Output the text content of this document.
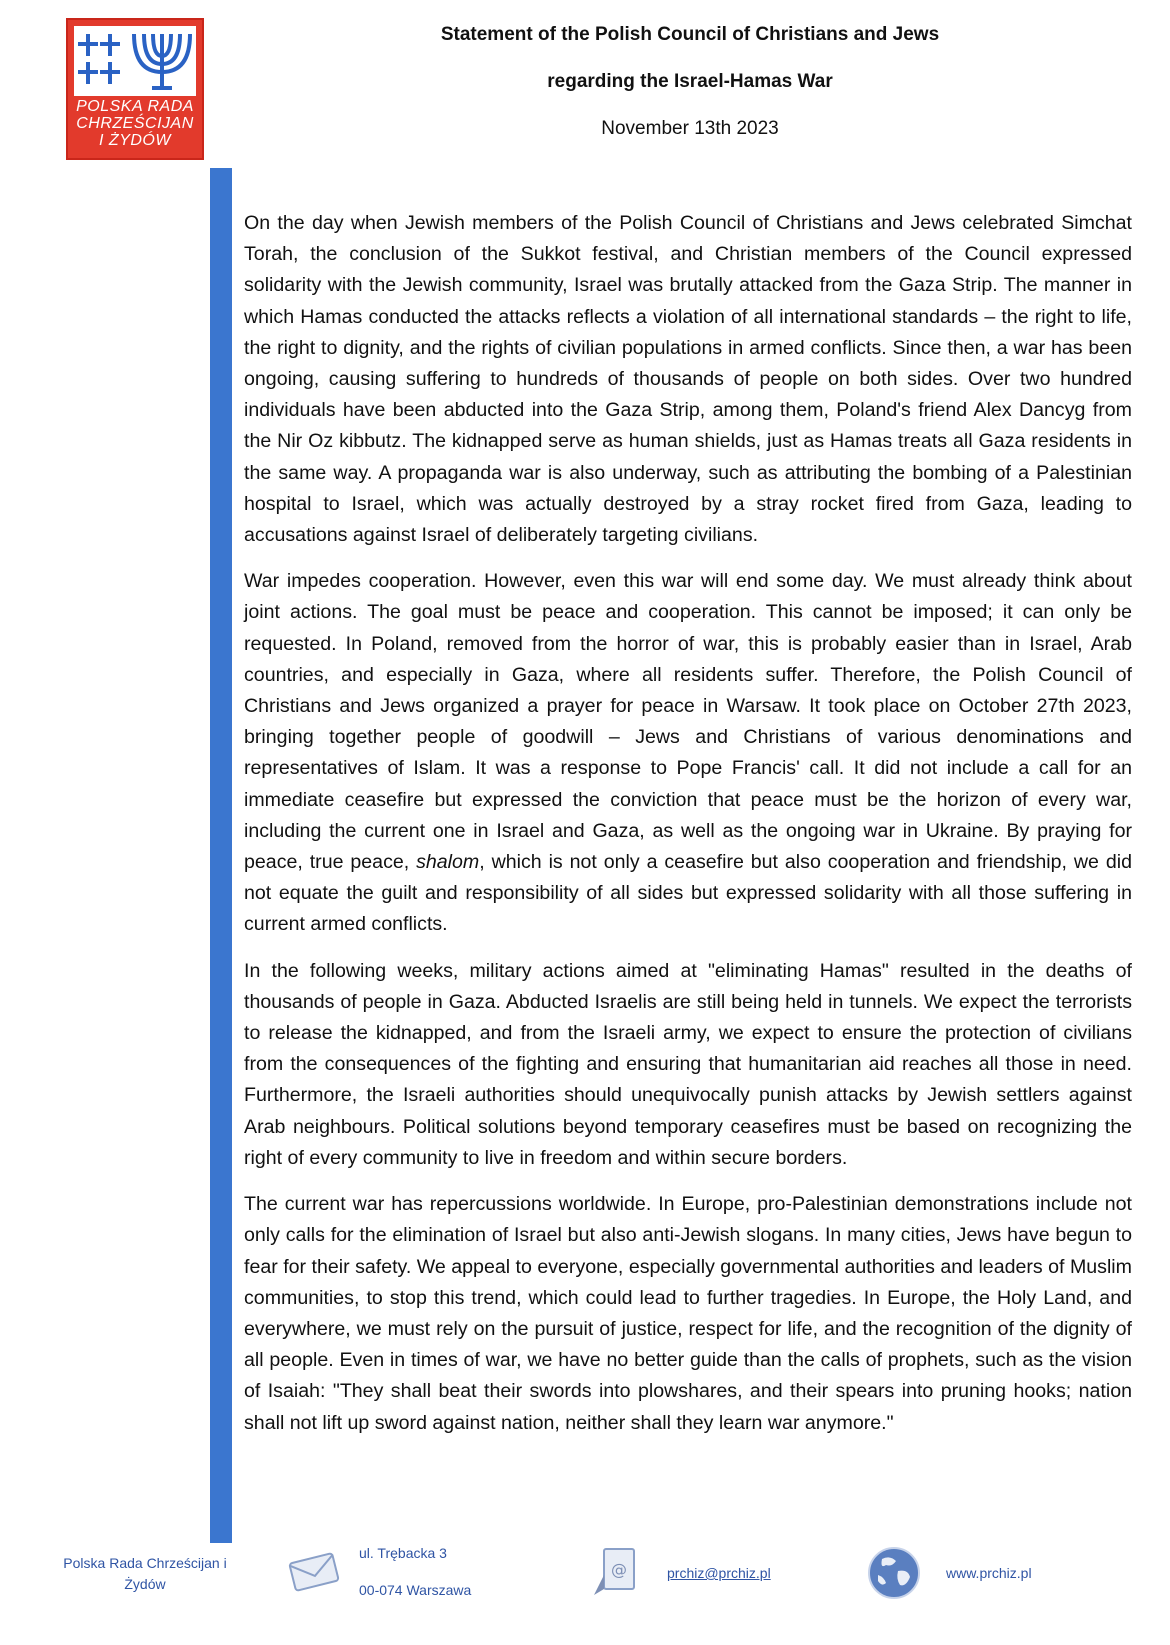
POLSKA RADA
CHRZEŚCIJAN
I ŻYDÓW
Statement of the Polish Council of Christians and Jews
regarding the Israel-Hamas War
November 13th 2023

On the day when Jewish members of the Polish Council of Christians and Jews celebrated Simchat Torah, the conclusion of the Sukkot festival, and Christian members of the Council expressed solidarity with the Jewish community, Israel was brutally attacked from the Gaza Strip. The manner in which Hamas conducted the attacks reflects a violation of all international standards – the right to life, the right to dignity, and the rights of civilian populations in armed conflicts. Since then, a war has been ongoing, causing suffering to hundreds of thousands of people on both sides. Over two hundred individuals have been abducted into the Gaza Strip, among them, Poland's friend Alex Dancyg from the Nir Oz kibbutz. The kidnapped serve as human shields, just as Hamas treats all Gaza residents in the same way. A propaganda war is also underway, such as attributing the bombing of a Palestinian hospital to Israel, which was actually destroyed by a stray rocket fired from Gaza, leading to accusations against Israel of deliberately targeting civilians.

War impedes cooperation. However, even this war will end some day. We must already think about joint actions. The goal must be peace and cooperation. This cannot be imposed; it can only be requested. In Poland, removed from the horror of war, this is probably easier than in Israel, Arab countries, and especially in Gaza, where all residents suffer. Therefore, the Polish Council of Christians and Jews organized a prayer for peace in Warsaw. It took place on October 27th 2023, bringing together people of goodwill – Jews and Christians of various denominations and representatives of Islam. It was a response to Pope Francis' call. It did not include a call for an immediate ceasefire but expressed the conviction that peace must be the horizon of every war, including the current one in Israel and Gaza, as well as the ongoing war in Ukraine. By praying for peace, true peace, shalom, which is not only a ceasefire but also cooperation and friendship, we did not equate the guilt and responsibility of all sides but expressed solidarity with all those suffering in current armed conflicts.

In the following weeks, military actions aimed at "eliminating Hamas" resulted in the deaths of thousands of people in Gaza. Abducted Israelis are still being held in tunnels. We expect the terrorists to release the kidnapped, and from the Israeli army, we expect to ensure the protection of civilians from the consequences of the fighting and ensuring that humanitarian aid reaches all those in need. Furthermore, the Israeli authorities should unequivocally punish attacks by Jewish settlers against Arab neighbours. Political solutions beyond temporary ceasefires must be based on recognizing the right of every community to live in freedom and within secure borders.

The current war has repercussions worldwide. In Europe, pro-Palestinian demonstrations include not only calls for the elimination of Israel but also anti-Jewish slogans. In many cities, Jews have begun to fear for their safety. We appeal to everyone, especially governmental authorities and leaders of Muslim communities, to stop this trend, which could lead to further tragedies. In Europe, the Holy Land, and everywhere, we must rely on the pursuit of justice, respect for life, and the recognition of the dignity of all people. Even in times of war, we have no better guide than the calls of prophets, such as the vision of Isaiah: "They shall beat their swords into plowshares, and their spears into pruning hooks; nation shall not lift up sword against nation, neither shall they learn war anymore."

Polska Rada Chrześcijan i
Żydów
ul. Trębacka 3
00-074 Warszawa
@	prchiz@prchiz.pl	www.prchiz.pl
